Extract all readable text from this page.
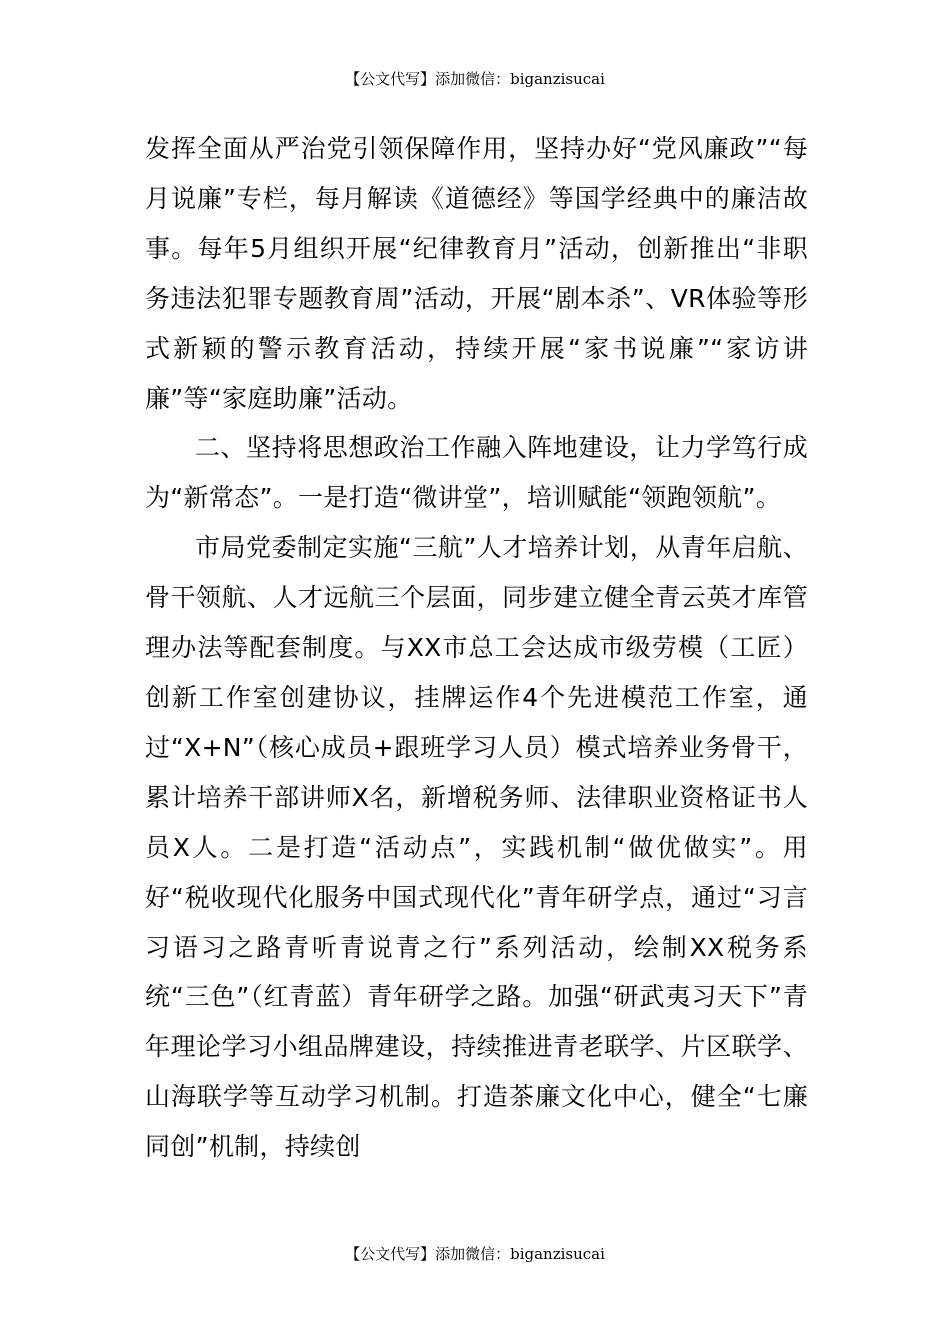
【公文代写】添加微信：biganzisucai

发挥全面从严治党引领保障作用，坚持办好“党风廉政”“每月说廉”专栏，每月解读《道德经》等国学经典中的廉洁故事。每年5月组织开展“纪律教育月”活动，创新推出“非职务违法犯罪专题教育周”活动，开展“剧本杀”、VR体验等形式新颖的警示教育活动，持续开展“家书说廉”“家访讲廉”等“家庭助廉”活动。

二、坚持将思想政治工作融入阵地建设，让力学笃行成为“新常态”。一是打造“微讲堂”，培训赋能“领跑领航”。

市局党委制定实施“三航”人才培养计划，从青年启航、骨干领航、人才远航三个层面，同步建立健全青云英才库管理办法等配套制度。与XX市总工会达成市级劳模（工匠）创新工作室创建协议，挂牌运作4个先进模范工作室，通过“X+N”（核心成员+跟班学习人员）模式培养业务骨干，累计培养干部讲师X名，新增税务师、法律职业资格证书人员X人。二是打造“活动点”，实践机制“做优做实”。用好“税收现代化服务中国式现代化”青年研学点，通过“习言习语习之路青听青说青之行”系列活动，绘制XX税务系统“三色”（红青蓝）青年研学之路。加强“研武夷习天下”青年理论学习小组品牌建设，持续推进青老联学、片区联学、山海联学等互动学习机制。打造茶廉文化中心，健全“七廉同创”机制，持续创

【公文代写】添加微信：biganzisucai
